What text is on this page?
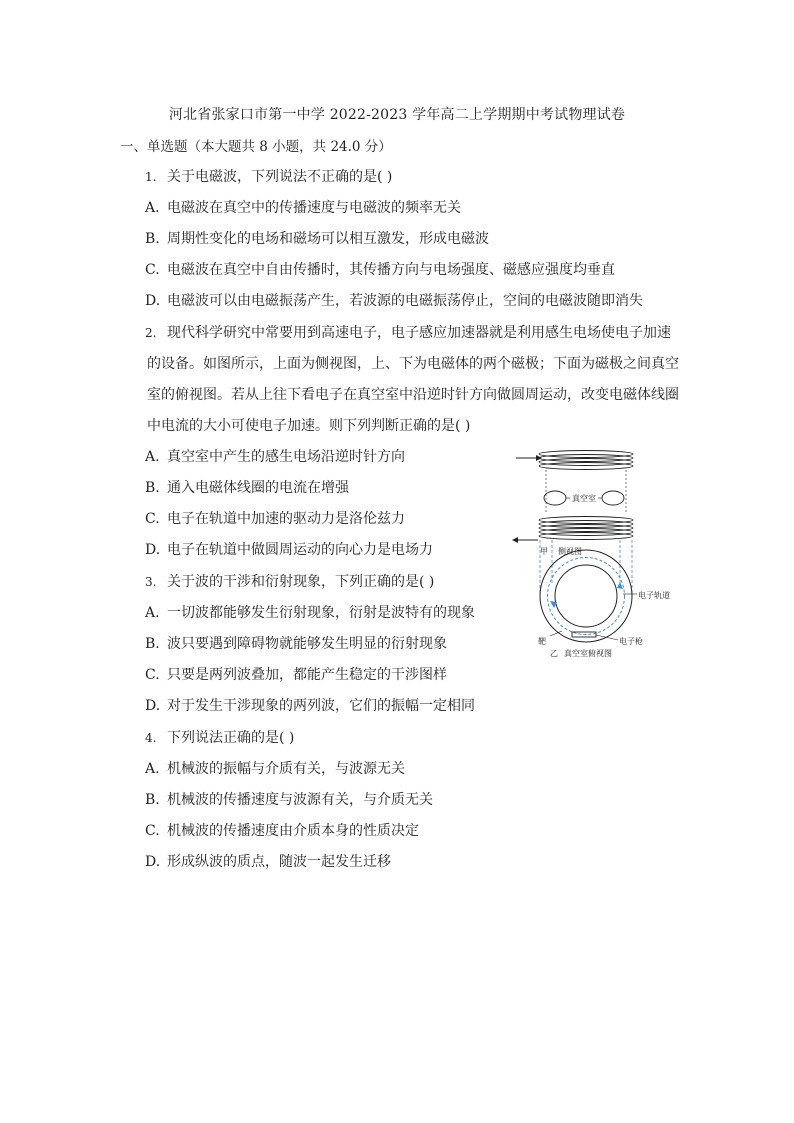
河北省张家口市第一中学 2022-2023 学年高二上学期期中考试物理试卷
一、单选题（本大题共 8 小题，共 24.0 分）
1. 关于电磁波，下列说法不正确的是( )
A. 电磁波在真空中的传播速度与电磁波的频率无关
B. 周期性变化的电场和磁场可以相互激发，形成电磁波
C. 电磁波在真空中自由传播时，其传播方向与电场强度、磁感应强度均垂直
D. 电磁波可以由电磁振荡产生，若波源的电磁振荡停止，空间的电磁波随即消失
2. 现代科学研究中常要用到高速电子，电子感应加速器就是利用感生电场使电子加速
的设备。如图所示，上面为侧视图，上、下为电磁体的两个磁极；下面为磁极之间真空
室的俯视图。若从上往下看电子在真空室中沿逆时针方向做圆周运动，改变电磁体线圈
中电流的大小可使电子加速。则下列判断正确的是( )
A. 真空室中产生的感生电场沿逆时针方向
B. 通入电磁体线圈的电流在增强
C. 电子在轨道中加速的驱动力是洛伦兹力
D. 电子在轨道中做圆周运动的向心力是电场力
真空室
甲 侧视图
电子枪
靶
电子轨道
乙 真空室俯视图
3. 关于波的干涉和衍射现象，下列正确的是( )
A. 一切波都能够发生衍射现象，衍射是波特有的现象
B. 波只要遇到障碍物就能够发生明显的衍射现象
C. 只要是两列波叠加，都能产生稳定的干涉图样
D. 对于发生干涉现象的两列波，它们的振幅一定相同
4. 下列说法正确的是( )
A. 机械波的振幅与介质有关，与波源无关
B. 机械波的传播速度与波源有关，与介质无关
C. 机械波的传播速度由介质本身的性质决定
D. 形成纵波的质点，随波一起发生迁移
